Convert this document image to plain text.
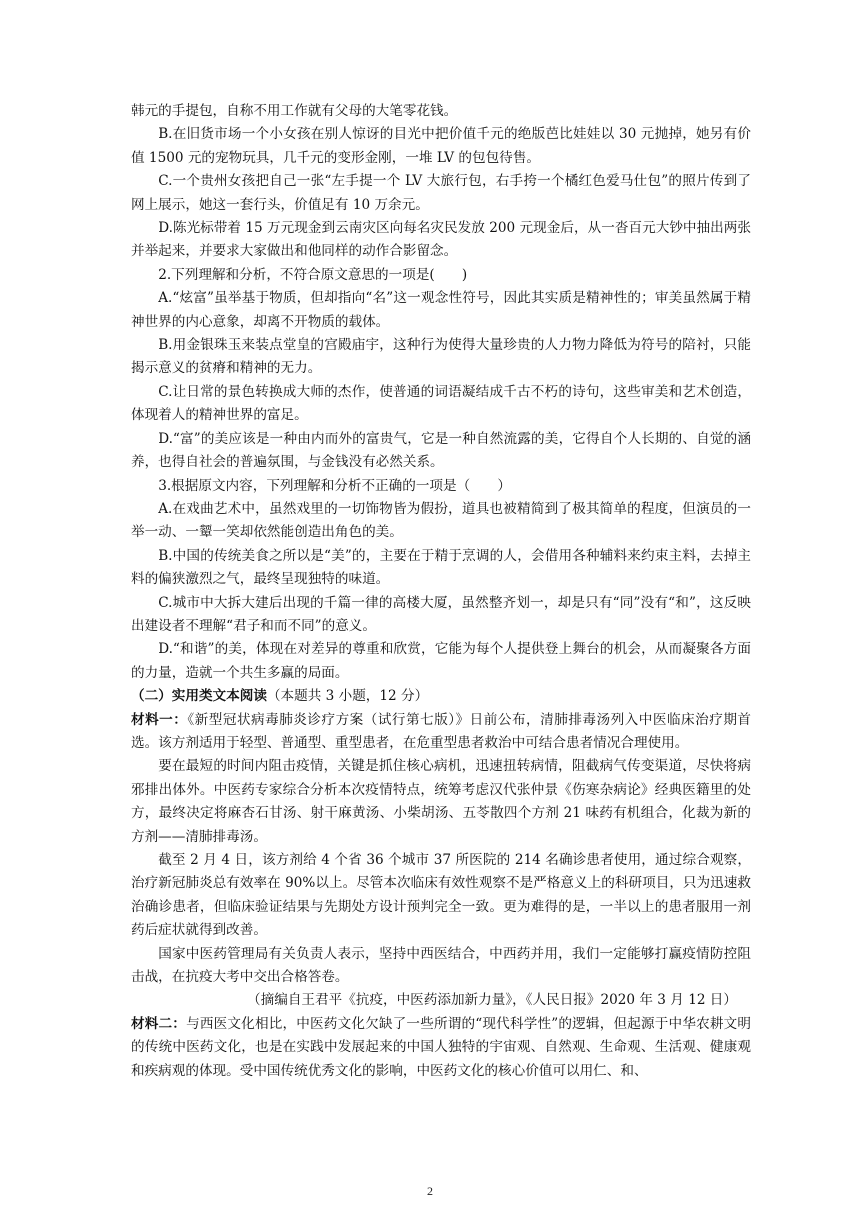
韩元的手提包，自称不用工作就有父母的大笔零花钱。

B.在旧货市场一个小女孩在别人惊讶的目光中把价值千元的绝版芭比娃娃以 30 元抛掉，她另有价值 1500 元的宠物玩具，几千元的变形金刚，一堆 LV 的包包待售。

C.一个贵州女孩把自己一张“左手提一个 LV 大旅行包，右手挎一个橘红色爱马仕包”的照片传到了网上展示，她这一套行头，价值足有 10 万余元。

D.陈光标带着 15 万元现金到云南灾区向每名灾民发放 200 元现金后，从一沓百元大钞中抽出两张并举起来，并要求大家做出和他同样的动作合影留念。

2.下列理解和分析，不符合原文意思的一项是(　　)

A.“炫富”虽举基于物质，但却指向“名”这一观念性符号，因此其实质是精神性的；审美虽然属于精神世界的内心意象，却离不开物质的载体。

B.用金银珠玉来装点堂皇的宫殿庙宇，这种行为使得大量珍贵的人力物力降低为符号的陪衬，只能揭示意义的贫瘠和精神的无力。

C.让日常的景色转换成大师的杰作，使普通的词语凝结成千古不朽的诗句，这些审美和艺术创造，体现着人的精神世界的富足。

D.“富”的美应该是一种由内而外的富贵气，它是一种自然流露的美，它得自个人长期的、自觉的涵养，也得自社会的普遍氛围，与金钱没有必然关系。

3.根据原文内容，下列理解和分析不正确的一项是（　　）

A.在戏曲艺术中，虽然戏里的一切饰物皆为假扮，道具也被精简到了极其简单的程度，但演员的一举一动、一颦一笑却依然能创造出角色的美。

B.中国的传统美食之所以是“美”的，主要在于精于烹调的人，会借用各种辅料来约束主料，去掉主料的偏狭激烈之气，最终呈现独特的味道。

C.城市中大拆大建后出现的千篇一律的高楼大厦，虽然整齐划一，却是只有“同”没有“和”，这反映出建设者不理解“君子和而不同”的意义。

D.“和谐”的美，体现在对差异的尊重和欣赏，它能为每个人提供登上舞台的机会，从而凝聚各方面的力量，造就一个共生多赢的局面。

（二）实用类文本阅读（本题共 3 小题，12 分）

材料一：《新型冠状病毒肺炎诊疗方案（试行第七版）》日前公布，清肺排毒汤列入中医临床治疗期首选。该方剂适用于轻型、普通型、重型患者，在危重型患者救治中可结合患者情况合理使用。

要在最短的时间内阻击疫情，关键是抓住核心病机，迅速扭转病情，阻截病气传变渠道，尽快将病邪排出体外。中医药专家综合分析本次疫情特点，统筹考虑汉代张仲景《伤寒杂病论》经典医籍里的处方，最终决定将麻杏石甘汤、射干麻黄汤、小柴胡汤、五苓散四个方剂 21 味药有机组合，化裁为新的方剂——清肺排毒汤。

截至 2 月 4 日，该方剂给 4 个省 36 个城市 37 所医院的 214 名确诊患者使用，通过综合观察，治疗新冠肺炎总有效率在 90%以上。尽管本次临床有效性观察不是严格意义上的科研项目，只为迅速救治确诊患者，但临床验证结果与先期处方设计预判完全一致。更为难得的是，一半以上的患者服用一剂药后症状就得到改善。

国家中医药管理局有关负责人表示，坚持中西医结合，中西药并用，我们一定能够打赢疫情防控阻击战，在抗疫大考中交出合格答卷。

（摘编自王君平《抗疫，中医药添加新力量》，《人民日报》2020 年 3 月 12 日）

材料二：与西医文化相比，中医药文化欠缺了一些所谓的“现代科学性”的逻辑，但起源于中华农耕文明的传统中医药文化，也是在实践中发展起来的中国人独特的宇宙观、自然观、生命观、生活观、健康观和疾病观的体现。受中国传统优秀文化的影响，中医药文化的核心价值可以用仁、和、

2
